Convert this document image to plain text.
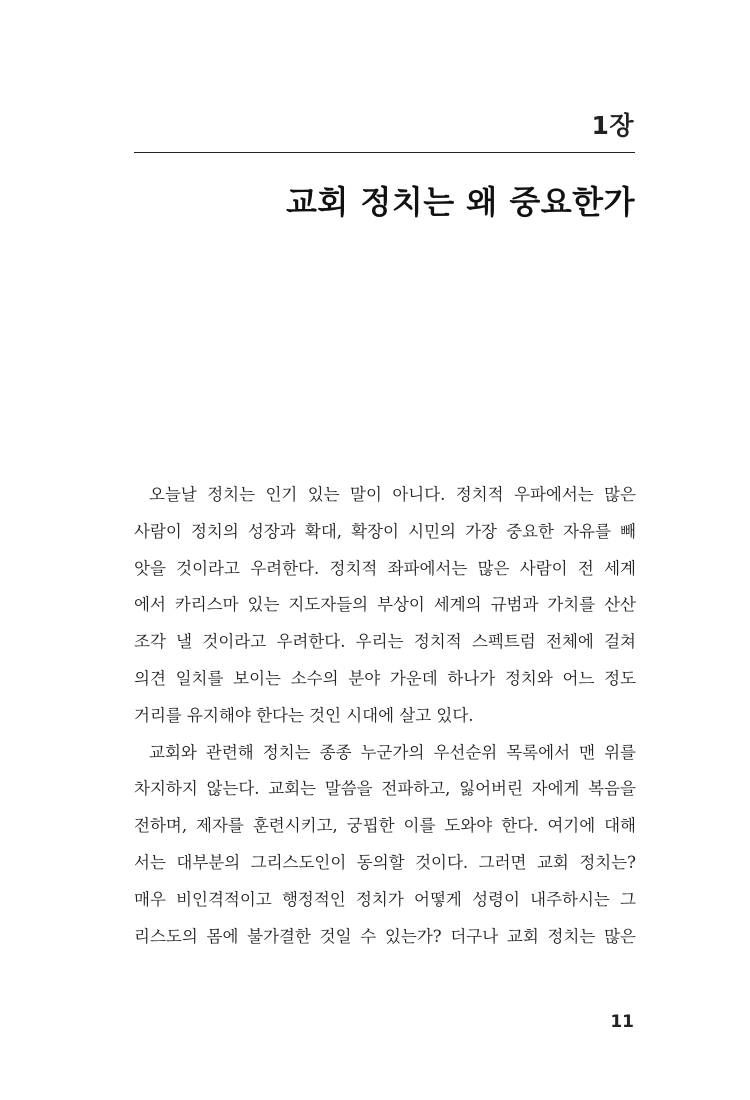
1장
교회 정치는 왜 중요한가
오늘날 정치는 인기 있는 말이 아니다. 정치적 우파에서는 많은
사람이 정치의 성장과 확대, 확장이 시민의 가장 중요한 자유를 빼
앗을 것이라고 우려한다. 정치적 좌파에서는 많은 사람이 전 세계
에서 카리스마 있는 지도자들의 부상이 세계의 규범과 가치를 산산
조각 낼 것이라고 우려한다. 우리는 정치적 스펙트럼 전체에 걸쳐
의견 일치를 보이는 소수의 분야 가운데 하나가 정치와 어느 정도
거리를 유지해야 한다는 것인 시대에 살고 있다.
교회와 관련해 정치는 종종 누군가의 우선순위 목록에서 맨 위를
차지하지 않는다. 교회는 말씀을 전파하고, 잃어버린 자에게 복음을
전하며, 제자를 훈련시키고, 궁핍한 이를 도와야 한다. 여기에 대해
서는 대부분의 그리스도인이 동의할 것이다. 그러면 교회 정치는?
매우 비인격적이고 행정적인 정치가 어떻게 성령이 내주하시는 그
리스도의 몸에 불가결한 것일 수 있는가? 더구나 교회 정치는 많은
11
